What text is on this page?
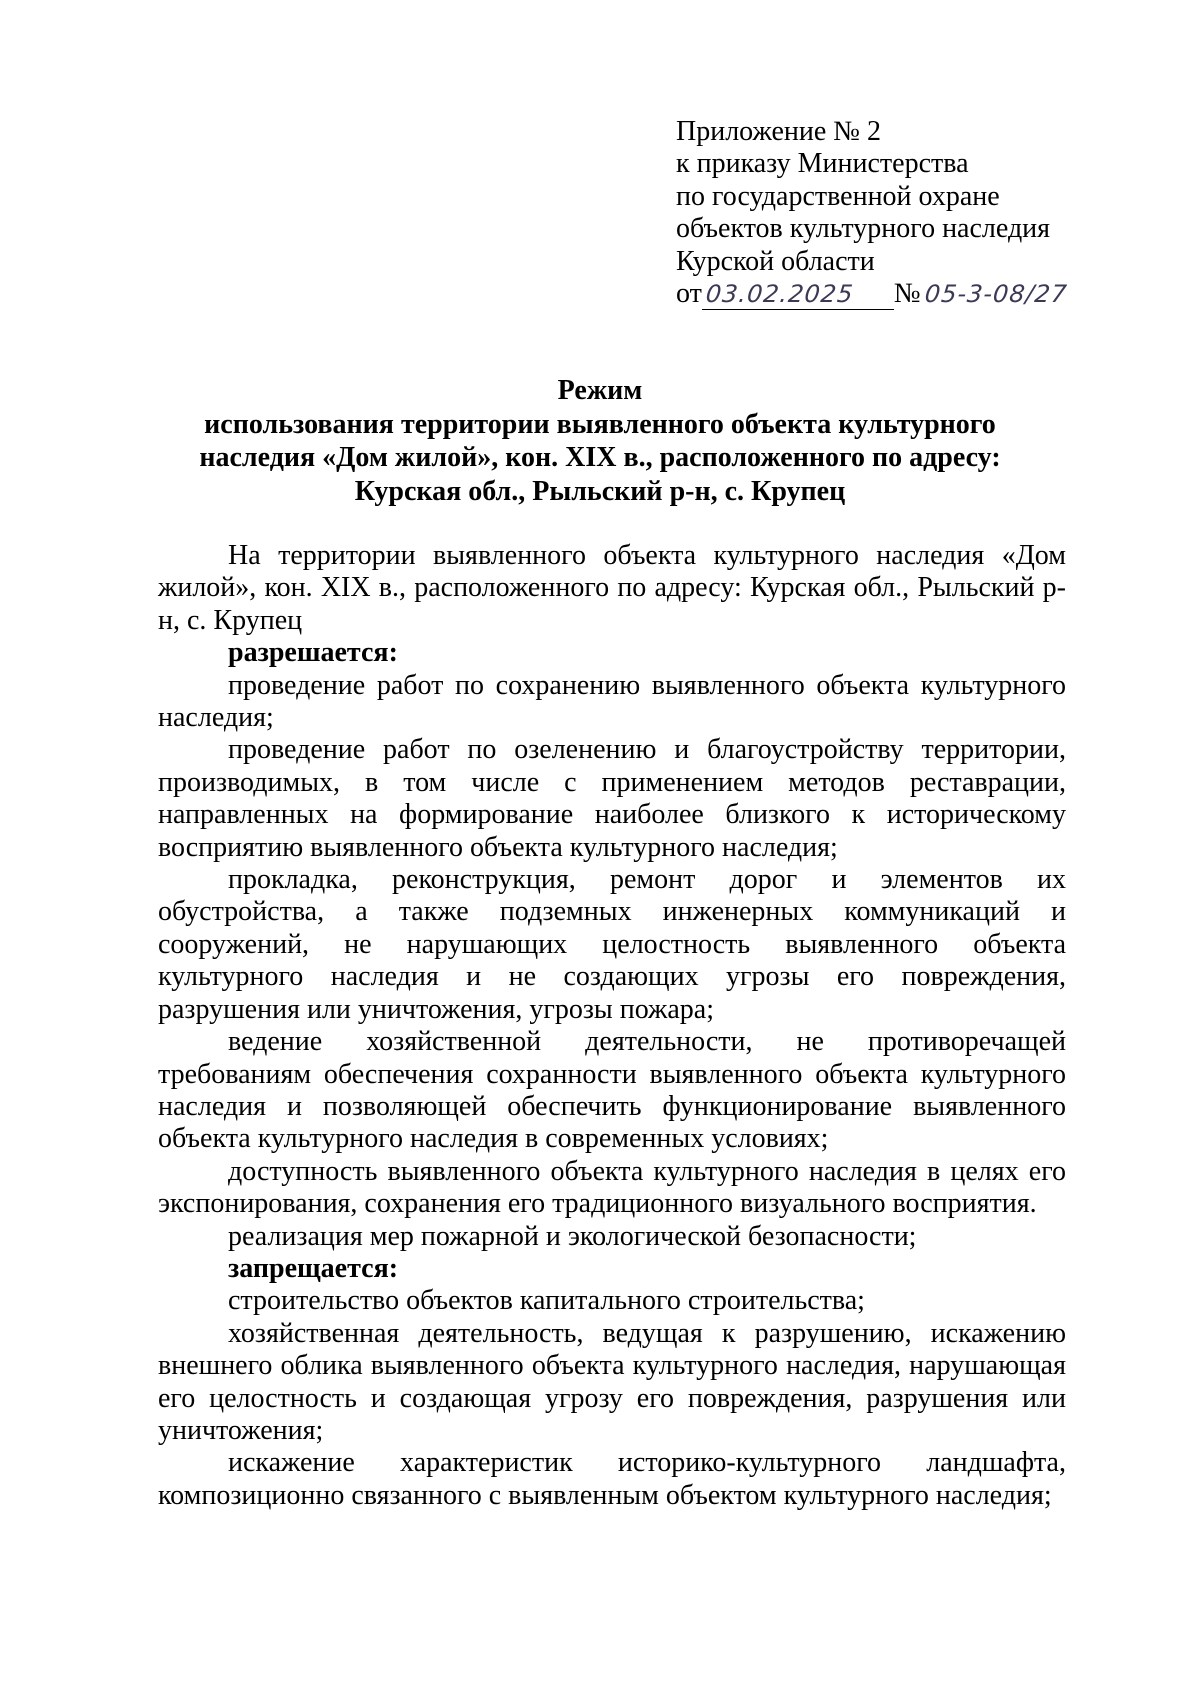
Приложение № 2
к приказу Министерства
по государственной охране
объектов культурного наследия
Курской области
от 03.02.2025 № 05-3-08/27
Режим
использования территории выявленного объекта культурного
наследия «Дом жилой», кон. XIX в., расположенного по адресу:
Курская обл., Рыльский р-н, с. Крупец

На территории выявленного объекта культурного наследия «Дом жилой», кон. XIX в., расположенного по адресу: Курская обл., Рыльский р-н, с. Крупец

разрешается:

проведение работ по сохранению выявленного объекта культурного наследия;

проведение работ по озеленению и благоустройству территории, производимых, в том числе с применением методов реставрации, направленных на формирование наиболее близкого к историческому восприятию выявленного объекта культурного наследия;

прокладка, реконструкция, ремонт дорог и элементов их обустройства, а также подземных инженерных коммуникаций и сооружений, не нарушающих целостность выявленного объекта культурного наследия и не создающих угрозы его повреждения, разрушения или уничтожения, угрозы пожара;

ведение хозяйственной деятельности, не противоречащей требованиям обеспечения сохранности выявленного объекта культурного наследия и позволяющей обеспечить функционирование выявленного объекта культурного наследия в современных условиях;

доступность выявленного объекта культурного наследия в целях его экспонирования, сохранения его традиционного визуального восприятия.

реализация мер пожарной и экологической безопасности;

запрещается:

строительство объектов капитального строительства;

хозяйственная деятельность, ведущая к разрушению, искажению внешнего облика выявленного объекта культурного наследия, нарушающая его целостность и создающая угрозу его повреждения, разрушения или уничтожения;

искажение характеристик историко-культурного ландшафта, композиционно связанного с выявленным объектом культурного наследия;
